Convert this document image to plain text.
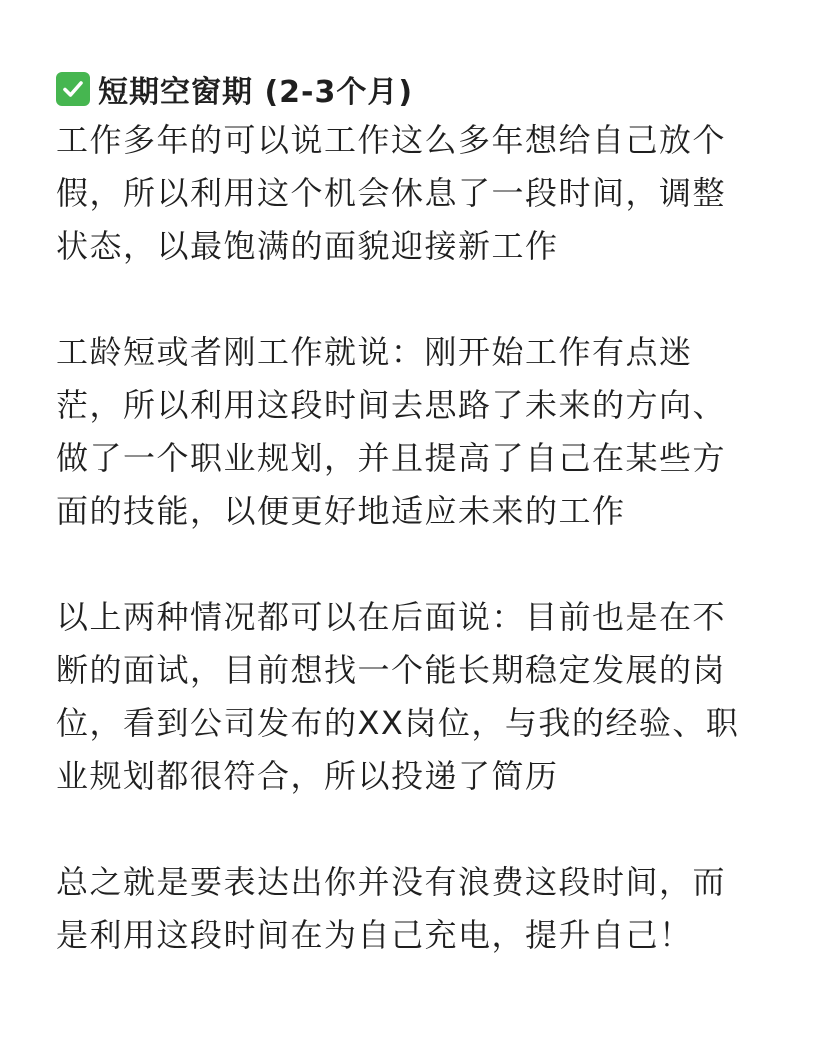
短期空窗期 (2-3个月)
工作多年的可以说工作这么多年想给自己放个
假，所以利用这个机会休息了一段时间，调整
状态，以最饱满的面貌迎接新工作
工龄短或者刚工作就说：刚开始工作有点迷
茫，所以利用这段时间去思路了未来的方向、
做了一个职业规划，并且提高了自己在某些方
面的技能，以便更好地适应未来的工作
以上两种情况都可以在后面说：目前也是在不
断的面试，目前想找一个能长期稳定发展的岗
位，看到公司发布的XX岗位，与我的经验、职
业规划都很符合，所以投递了简历
总之就是要表达出你并没有浪费这段时间，而
是利用这段时间在为自己充电，提升自己！
